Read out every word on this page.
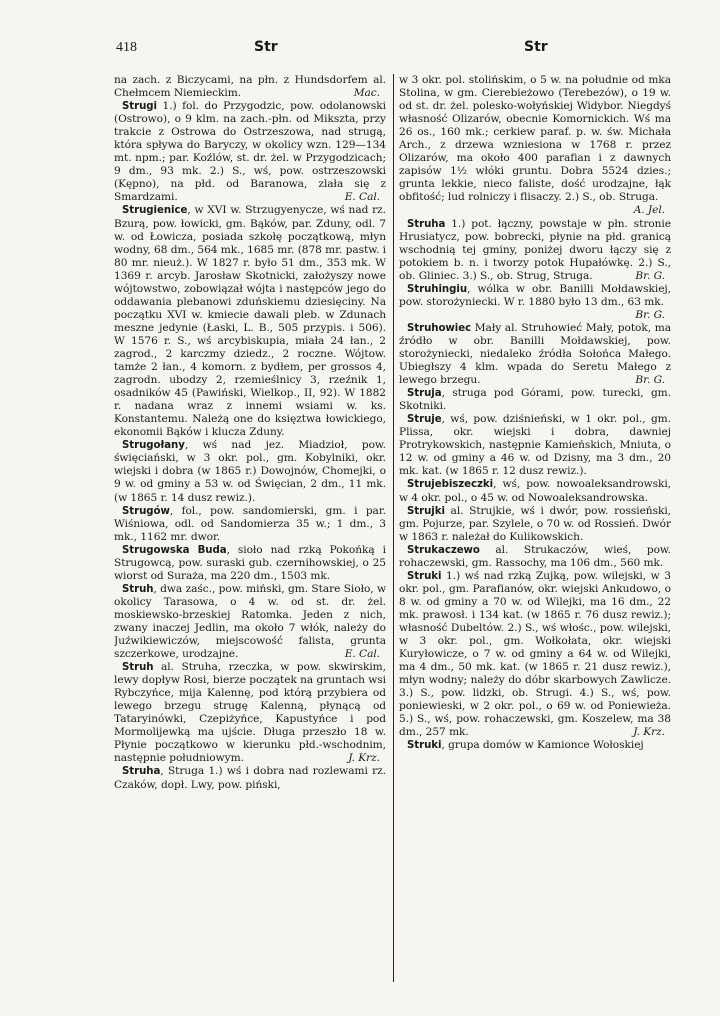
418	Str	Str

na zach. z Biczycami, na płn. z Hundsdorfem al. Chełmcem Niemieckim.	Mac.

Strugi 1.) fol. do Przygodzic, pow. odolanowski (Ostrowo), o 9 klm. na zach.-płn. od Mikszta, przy trakcie z Ostrowa do Ostrzeszowa, nad strugą, która spływa do Baryczy, w okolicy wzn. 129—134 mt. npm.; par. Koźlów, st. dr. żel. w Przygodzicach; 9 dm., 93 mk. 2.) S., wś, pow. ostrzeszowski (Kępno), na płd. od Baranowa, zlała się z Smardzami.	E. Cal.

Strugienice, w XVI w. Strzugyenycze, wś nad rz. Bzurą, pow. łowicki, gm. Bąków, par. Zduny, odl. 7 w. od Łowicza, posiada szkołę początkową, młyn wodny, 68 dm., 564 mk., 1685 mr. (878 mr. pastw. i 80 mr. nieuż.). W 1827 r. było 51 dm., 353 mk. W 1369 r. arcyb. Jarosław Skotnicki, założyszy nowe wójtowstwo, zobowiązał wójta i następców jego do oddawania plebanowi zduńskiemu dziesięciny. Na początku XVI w. kmiecie dawali pleb. w Zdunach meszne jedynie (Łaski, L. B., 505 przypis. i 506). W 1576 r. S., wś arcybiskupia, miała 24 łan., 2 zagrod., 2 karczmy dziedz., 2 roczne. Wójtow. tamże 2 łan., 4 komorn. z bydłem, per grossos 4, zagrodn. ubodzy 2, rzemieślnicy 3, rzeźnik 1, osadników 45 (Pawiński, Wielkop., II, 92). W 1882 r. nadana wraz z innemi wsiami w. ks. Konstantemu. Należą one do księztwa łowickiego, ekonomii Bąków i klucza Zduny.

Strugołany, wś nad jez. Miadzioł, pow. święciański, w 3 okr. pol., gm. Kobylniki, okr. wiejski i dobra (w 1865 r.) Dowojnów, Chomejki, o 9 w. od gminy a 53 w. od Święcian, 2 dm., 11 mk. (w 1865 r. 14 dusz rewiz.).

Strugów, fol., pow. sandomierski, gm. i par. Wiśniowa, odl. od Sandomierza 35 w.; 1 dm., 3 mk., 1162 mr. dwor.

Strugowska Buda, sioło nad rzką Pokońką i Strugowcą, pow. suraski gub. czernihowskiej, o 25 wiorst od Suraża, ma 220 dm., 1503 mk.

Struh, dwa zaśc., pow. miński, gm. Stare Sioło, w okolicy Tarasowa, o 4 w. od st. dr. żel. moskiewsko-brzeskiej Ratomka. Jeden z nich, zwany inaczej Jedlin, ma około 7 włók, należy do Juźwikiewiczów, miejscowość falista, grunta szczerkowe, urodzajne.	E. Cal.

Struh al. Struha, rzeczka, w pow. skwirskim, lewy dopływ Rosi, bierze początek na gruntach wsi Rybczyńce, mija Kalennę, pod którą przybiera od lewego brzegu strugę Kalenną, płynącą od Tataryinówki, Czepiżyńce, Kapustyńce i pod Mormolijewką ma ujście. Długa przeszło 18 w. Płynie początkowo w kierunku płd.-wschodnim, następnie południowym.	J. Krz.

Struha, Struga 1.) wś i dobra nad rozlewami rz. Czaków, dopł. Lwy, pow. piński,

w 3 okr. pol. stolińskim, o 5 w. na południe od mka Stolina, w gm. Cierebieżowo (Terebezów), o 19 w. od st. dr. żel. polesko-wołyńskiej Widybor. Niegdyś własność Olizarów, obecnie Komornickich. Wś ma 26 os., 160 mk.; cerkiew paraf. p. w. św. Michała Arch., z drzewa wzniesiona w 1768 r. przez Olizarów, ma około 400 parafian i z dawnych zapisów 1½ włóki gruntu. Dobra 5524 dzies.; grunta lekkie, nieco faliste, dość urodzajne, łąk obfitość; lud rolniczy i flisaczy. 2.) S., ob. Struga.
A. Jel.

Struha 1.) pot. łączny, powstaje w płn. stronie Hrusiatycz, pow. bobrecki, płynie na płd. granicą wschodnią tej gminy, poniżej dworu łączy się z potokiem b. n. i tworzy potok Hupałówkę. 2.) S., ob. Gliniec. 3.) S., ob. Strug, Struga.	Br. G.

Struhingiu, wólka w obr. Banilli Mołdawskiej, pow. storożyniecki. W r. 1880 było 13 dm., 63 mk.
Br. G.

Struhowiec Mały al. Struhowieć Mały, potok, ma źródło w obr. Banilli Mołdawskiej, pow. storożyniecki, niedaleko źródła Sołońca Małego. Ubiegłszy 4 klm. wpada do Seretu Małego z lewego brzegu.	Br. G.

Struja, struga pod Górami, pow. turecki, gm. Skotniki.

Struje, wś, pow. dziśnieński, w 1 okr. pol., gm. Plissa, okr. wiejski i dobra, dawniej Protrykowskich, następnie Kamieńskich, Mniuta, o 12 w. od gminy a 46 w. od Dzisny, ma 3 dm., 20 mk. kat. (w 1865 r. 12 dusz rewiz.).

Strujebiszeczki, wś, pow. nowoaleksandrowski, w 4 okr. pol., o 45 w. od Nowoaleksandrowska.

Strujki al. Strujkie, wś i dwór, pow. rossieński, gm. Pojurze, par. Szylele, o 70 w. od Rossień. Dwór w 1863 r. należał do Kulikowskich.

Strukaczewo al. Strukaczów, wieś, pow. rohaczewski, gm. Rassochy, ma 106 dm., 560 mk.

Struki 1.) wś nad rzką Zujką, pow. wilejski, w 3 okr. pol., gm. Parafianów, okr. wiejski Ankudowo, o 8 w. od gminy a 70 w. od Wilejki, ma 16 dm., 22 mk. prawosł. i 134 kat. (w 1865 r. 76 dusz rewiz.); własność Dubeltów. 2.) S., wś włośc., pow. wilejski, w 3 okr. pol., gm. Wołkołata, okr. wiejski Kuryłowicze, o 7 w. od gminy a 64 w. od Wilejki, ma 4 dm., 50 mk. kat. (w 1865 r. 21 dusz rewiz.), młyn wodny; należy do dóbr skarbowych Zawlicze. 3.) S., pow. lidzki, ob. Strugi. 4.) S., wś, pow. poniewieski, w 2 okr. pol., o 69 w. od Poniewieża. 5.) S., wś, pow. rohaczewski, gm. Koszelew, ma 38 dm., 257 mk.	J. Krz.

Struki, grupa domów w Kamionce Wołoskiej
